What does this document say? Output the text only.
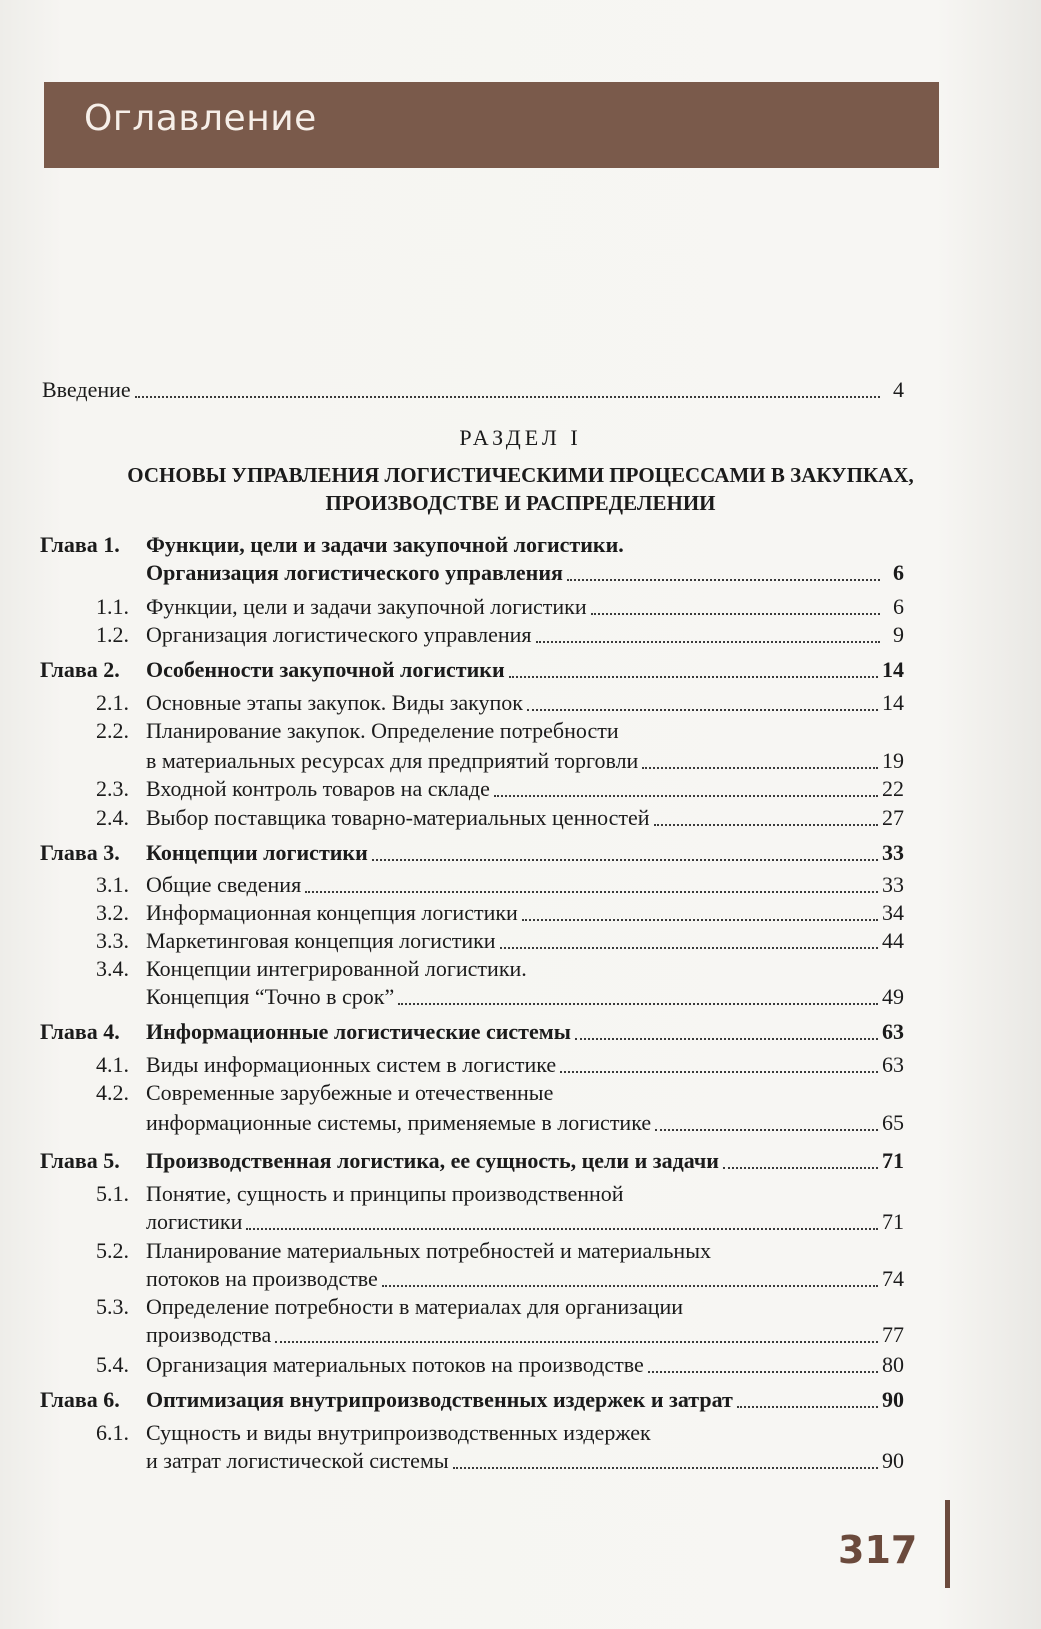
Оглавление
Введение	4
РАЗДЕЛ I
ОСНОВЫ УПРАВЛЕНИЯ ЛОГИСТИЧЕСКИМИ ПРОЦЕССАМИ В ЗАКУПКАХ,
ПРОИЗВОДСТВЕ И РАСПРЕДЕЛЕНИИ
Глава 1. Функции, цели и задачи закупочной логистики.
Организация логистического управления	6
1.1. Функции, цели и задачи закупочной логистики	6
1.2. Организация логистического управления	9
Глава 2. Особенности закупочной логистики	14
2.1. Основные этапы закупок. Виды закупок	14
2.2. Планирование закупок. Определение потребности
в материальных ресурсах для предприятий торговли	19
2.3. Входной контроль товаров на складе	22
2.4. Выбор поставщика товарно-материальных ценностей	27
Глава 3. Концепции логистики	33
3.1. Общие сведения	33
3.2. Информационная концепция логистики	34
3.3. Маркетинговая концепция логистики	44
3.4. Концепции интегрированной логистики.
Концепция “Точно в срок”	49
Глава 4. Информационные логистические системы	63
4.1. Виды информационных систем в логистике	63
4.2. Современные зарубежные и отечественные
информационные системы, применяемые в логистике	65
Глава 5. Производственная логистика, ее сущность, цели и задачи	71
5.1. Понятие, сущность и принципы производственной
логистики	71
5.2. Планирование материальных потребностей и материальных
потоков на производстве	74
5.3. Определение потребности в материалах для организации
производства	77
5.4. Организация материальных потоков на производстве	80
Глава 6. Оптимизация внутрипроизводственных издержек и затрат	90
6.1. Сущность и виды внутрипроизводственных издержек
и затрат логистической системы	90
317
